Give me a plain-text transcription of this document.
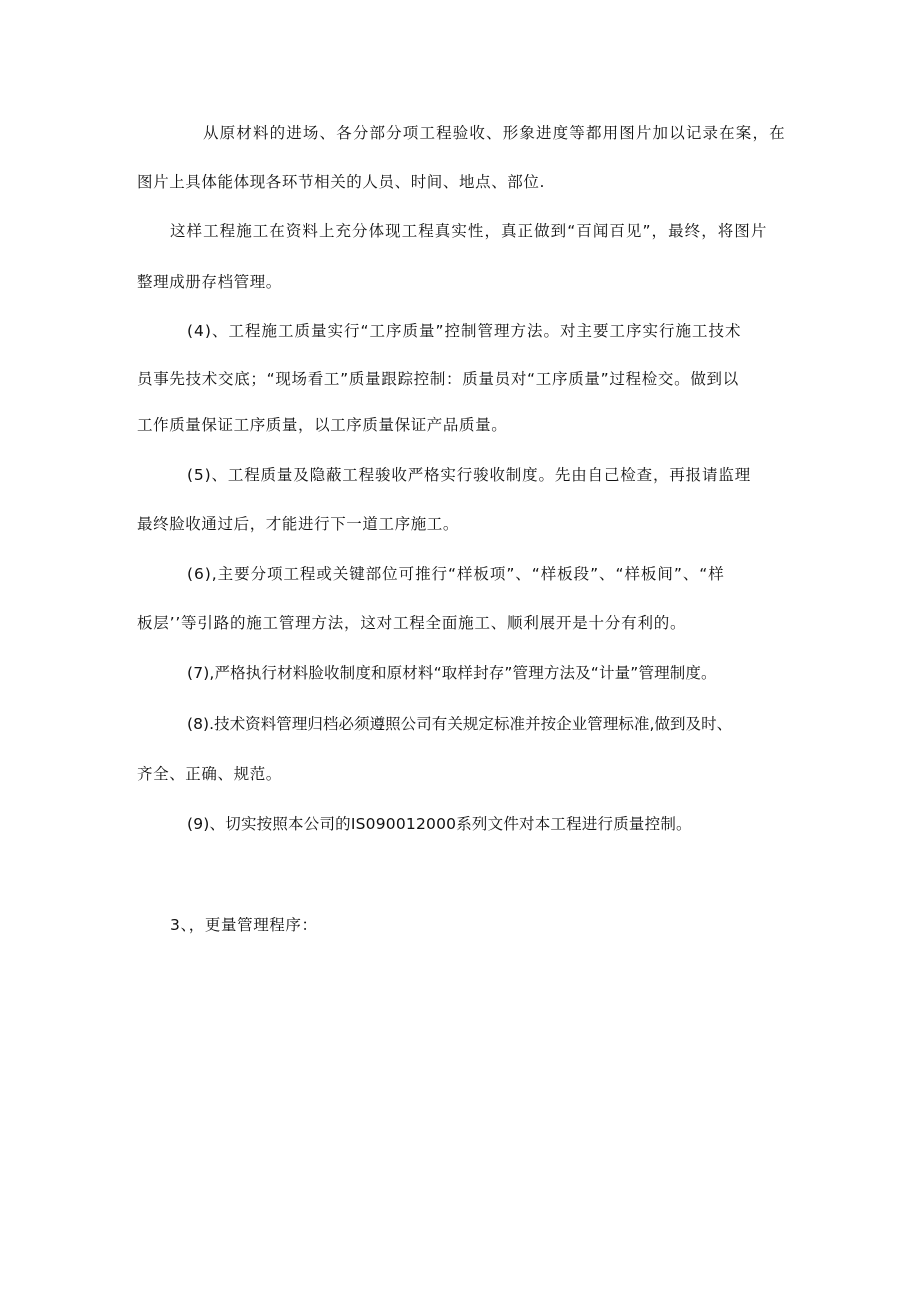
从原材料的进场、各分部分项工程验收、形象进度等都用图片加以记录在案，在
图片上具体能体现各环节相关的人员、时间、地点、部位.
这样工程施工在资料上充分体现工程真实性，真正做到“百闻百见”，最终，将图片
整理成册存档管理。
(4)、工程施工质量实行“工序质量”控制管理方法。对主要工序实行施工技术
员事先技术交底；“现场看工”质量跟踪控制：质量员对“工序质量”过程检交。做到以
工作质量保证工序质量，以工序质量保证产品质量。
(5)、工程质量及隐蔽工程骏收严格实行骏收制度。先由自己检查，再报请监理
最终脸收通过后，才能进行下一道工序施工。
(6),主要分项工程或关键部位可推行“样板项”、“样板段”、“样板间”、“样
板层’’等引路的施工管理方法，这对工程全面施工、顺利展开是十分有利的。
(7),严格执行材料脸收制度和原材料“取样封存”管理方法及“计量”管理制度。
(8).技术资料管理归档必须遵照公司有关规定标准并按企业管理标准,做到及时、
齐全、正确、规范。
(9)、切实按照本公司的IS090012000系列文件对本工程进行质量控制。
3、，更量管理程序：
